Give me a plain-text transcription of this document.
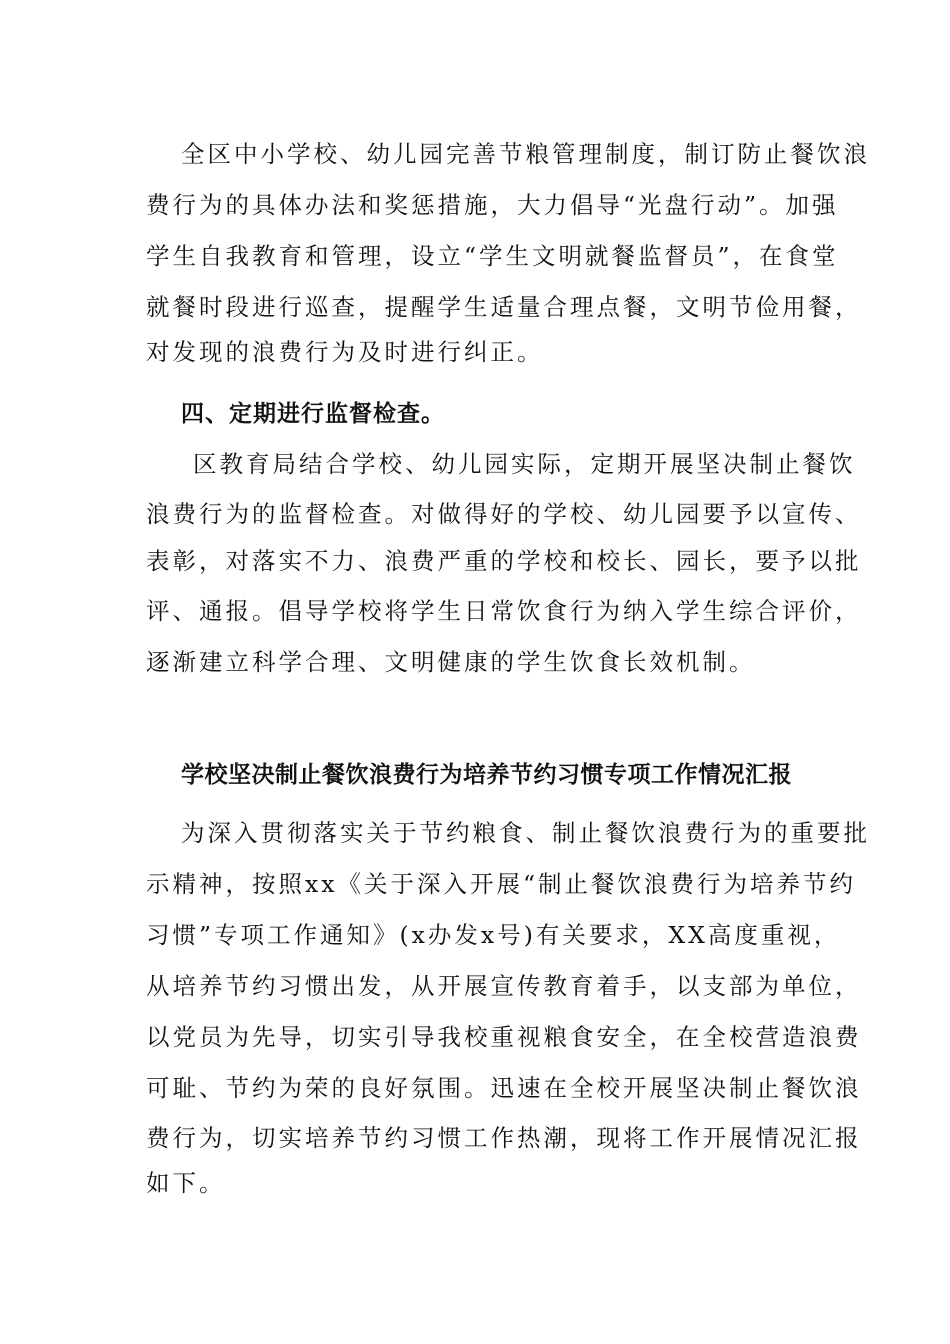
全区中小学校、幼儿园完善节粮管理制度，制订防止餐饮浪
费行为的具体办法和奖惩措施，大力倡导“光盘行动”。加强
学生自我教育和管理，设立“学生文明就餐监督员”，在食堂
就餐时段进行巡查，提醒学生适量合理点餐，文明节俭用餐，
对发现的浪费行为及时进行纠正。
四、定期进行监督检查。
区教育局结合学校、幼儿园实际，定期开展坚决制止餐饮
浪费行为的监督检查。对做得好的学校、幼儿园要予以宣传、
表彰，对落实不力、浪费严重的学校和校长、园长，要予以批
评、通报。倡导学校将学生日常饮食行为纳入学生综合评价，
逐渐建立科学合理、文明健康的学生饮食长效机制。
学校坚决制止餐饮浪费行为培养节约习惯专项工作情况汇报
为深入贯彻落实关于节约粮食、制止餐饮浪费行为的重要批
示精神，按照xx《关于深入开展“制止餐饮浪费行为培养节约
习惯”专项工作通知》(x办发x号)有关要求，XX高度重视，
从培养节约习惯出发，从开展宣传教育着手，以支部为单位，
以党员为先导，切实引导我校重视粮食安全，在全校营造浪费
可耻、节约为荣的良好氛围。迅速在全校开展坚决制止餐饮浪
费行为，切实培养节约习惯工作热潮，现将工作开展情况汇报
如下。
